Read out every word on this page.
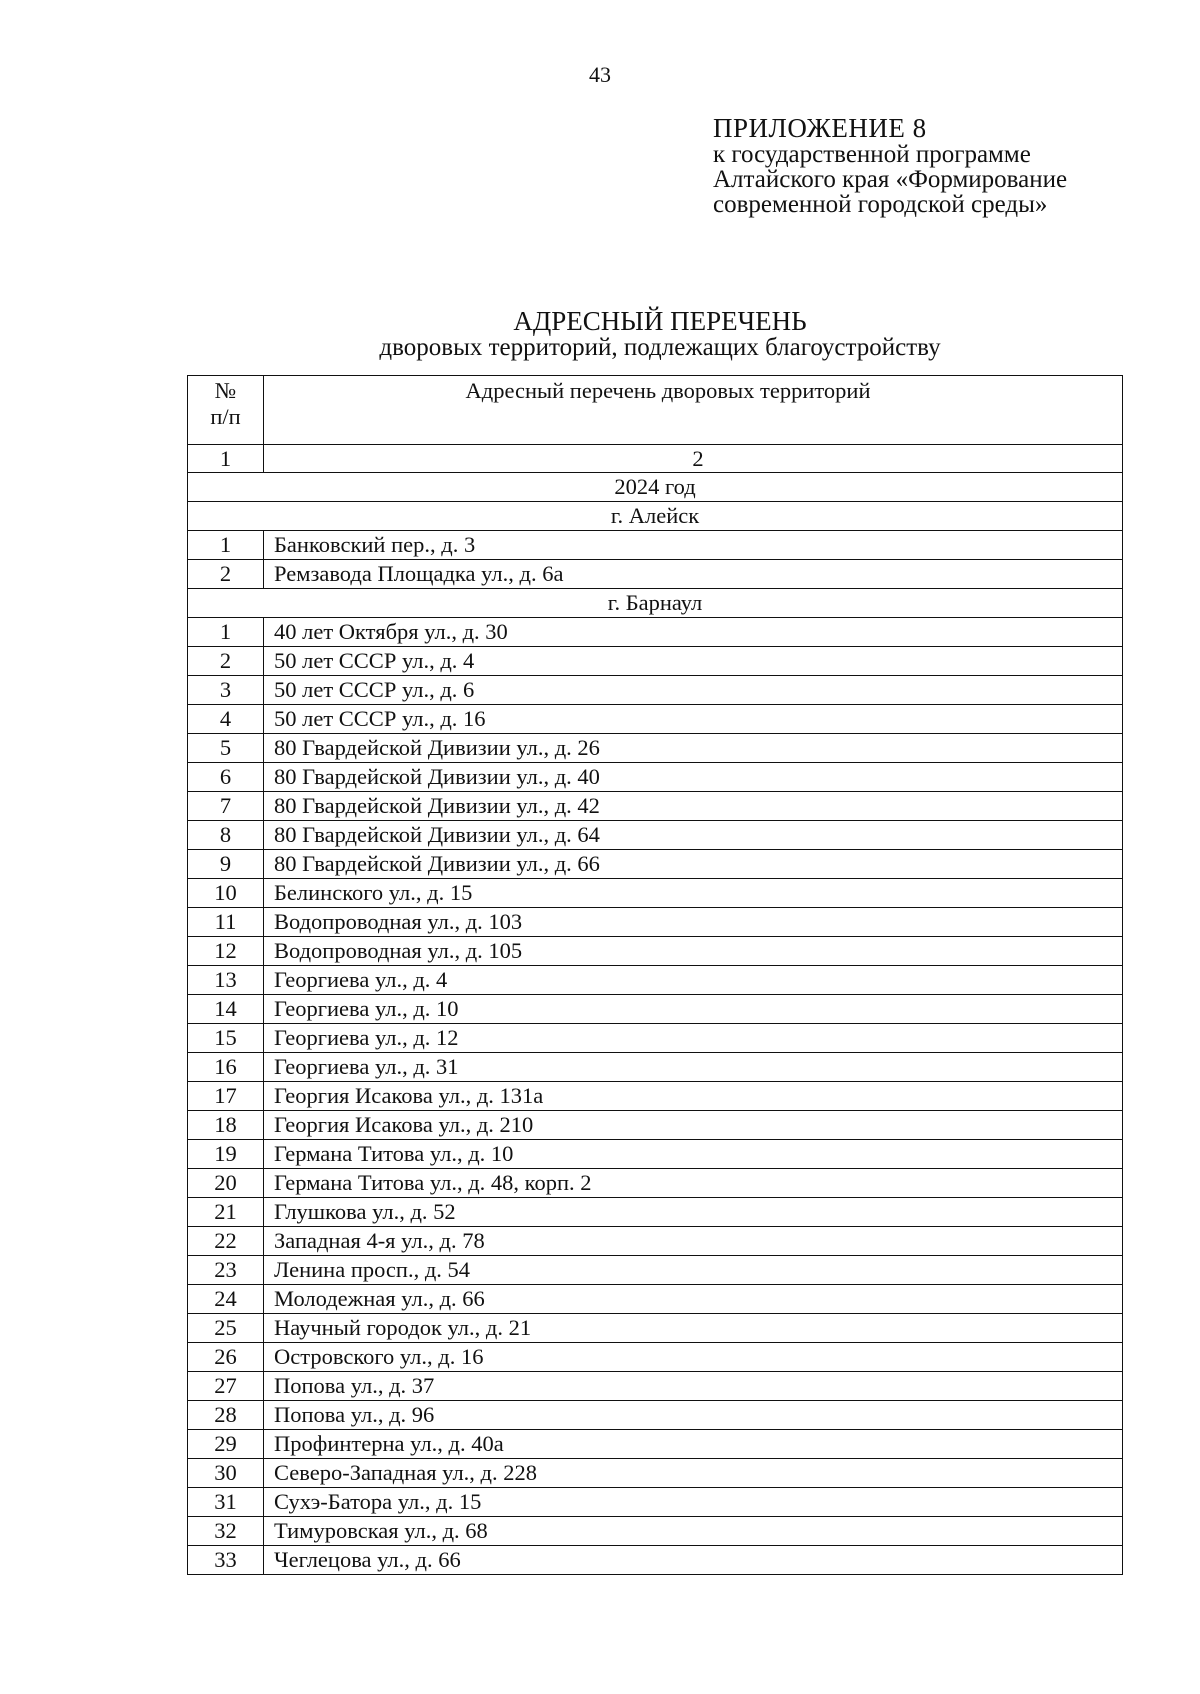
43
ПРИЛОЖЕНИЕ 8
к государственной программе
Алтайского края «Формирование
современной городской среды»
АДРЕСНЫЙ ПЕРЕЧЕНЬ
дворовых территорий, подлежащих благоустройству
№
п/п	Адресный перечень дворовых территорий
1	2
2024 год	
г. Алейск	
1	Банковский пер., д. 3
2	Ремзавода Площадка ул., д. 6а
г. Барнаул	
1	40 лет Октября ул., д. 30
2	50 лет СССР ул., д. 4
3	50 лет СССР ул., д. 6
4	50 лет СССР ул., д. 16
5	80 Гвардейской Дивизии ул., д. 26
6	80 Гвардейской Дивизии ул., д. 40
7	80 Гвардейской Дивизии ул., д. 42
8	80 Гвардейской Дивизии ул., д. 64
9	80 Гвардейской Дивизии ул., д. 66
10	Белинского ул., д. 15
11	Водопроводная ул., д. 103
12	Водопроводная ул., д. 105
13	Георгиева ул., д. 4
14	Георгиева ул., д. 10
15	Георгиева ул., д. 12
16	Георгиева ул., д. 31
17	Георгия Исакова ул., д. 131а
18	Георгия Исакова ул., д. 210
19	Германа Титова ул., д. 10
20	Германа Титова ул., д. 48, корп. 2
21	Глушкова ул., д. 52
22	Западная 4-я ул., д. 78
23	Ленина просп., д. 54
24	Молодежная ул., д. 66
25	Научный городок ул., д. 21
26	Островского ул., д. 16
27	Попова ул., д. 37
28	Попова ул., д. 96
29	Профинтерна ул., д. 40а
30	Северо-Западная ул., д. 228
31	Сухэ-Батора ул., д. 15
32	Тимуровская ул., д. 68
33	Чеглецова ул., д. 66
